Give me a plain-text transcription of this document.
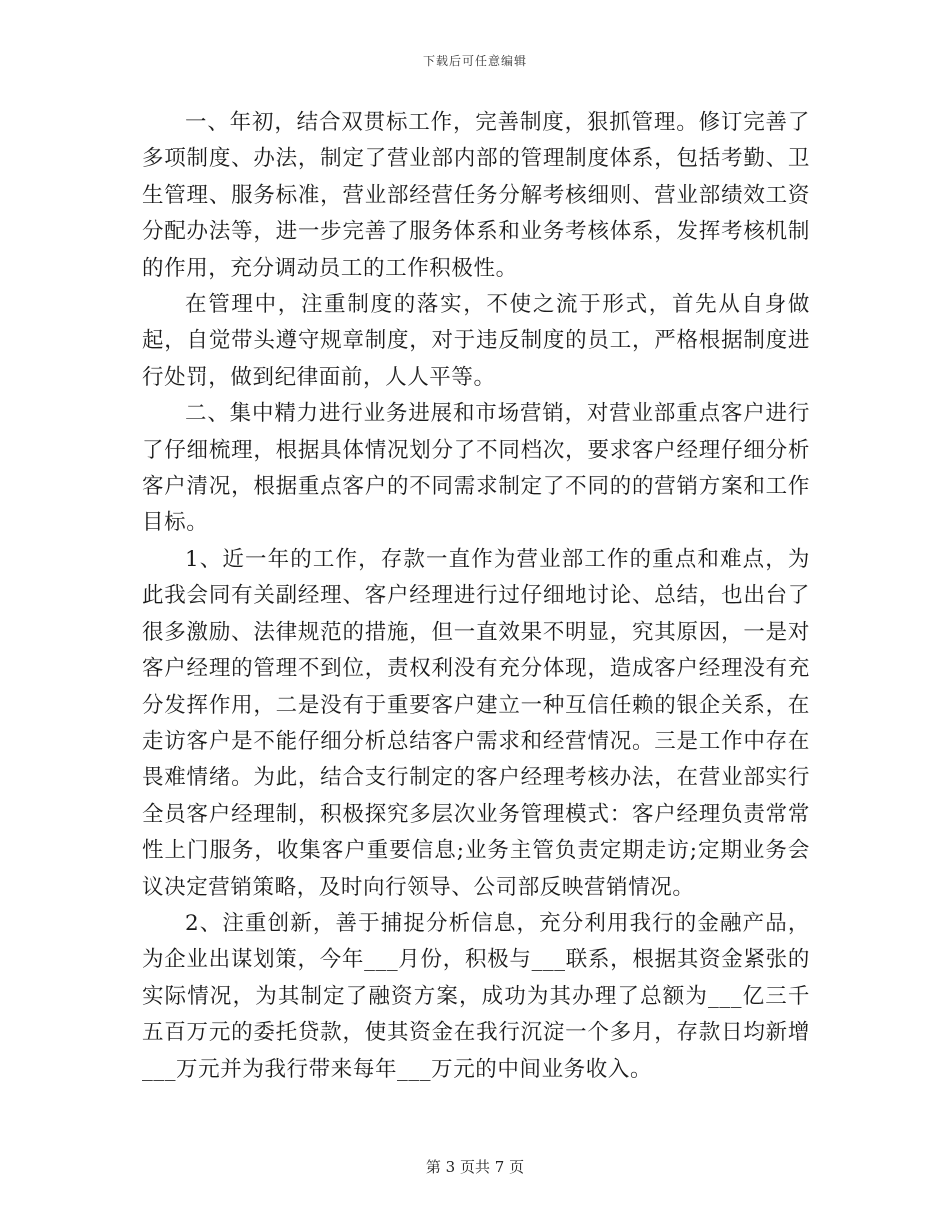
下载后可任意编辑

一、年初，结合双贯标工作，完善制度，狠抓管理。修订完善了多项制度、办法，制定了营业部内部的管理制度体系，包括考勤、卫生管理、服务标准，营业部经营任务分解考核细则、营业部绩效工资分配办法等，进一步完善了服务体系和业务考核体系，发挥考核机制的作用，充分调动员工的工作积极性。

在管理中，注重制度的落实，不使之流于形式，首先从自身做起，自觉带头遵守规章制度，对于违反制度的员工，严格根据制度进行处罚，做到纪律面前，人人平等。

二、集中精力进行业务进展和市场营销，对营业部重点客户进行了仔细梳理，根据具体情况划分了不同档次，要求客户经理仔细分析客户清况，根据重点客户的不同需求制定了不同的的营销方案和工作目标。

1、近一年的工作，存款一直作为营业部工作的重点和难点，为此我会同有关副经理、客户经理进行过仔细地讨论、总结，也出台了很多激励、法律规范的措施，但一直效果不明显，究其原因，一是对客户经理的管理不到位，责权利没有充分体现，造成客户经理没有充分发挥作用，二是没有于重要客户建立一种互信任赖的银企关系，在走访客户是不能仔细分析总结客户需求和经营情况。三是工作中存在畏难情绪。为此，结合支行制定的客户经理考核办法，在营业部实行全员客户经理制，积极探究多层次业务管理模式：客户经理负责常常性上门服务，收集客户重要信息;业务主管负责定期走访;定期业务会议决定营销策略，及时向行领导、公司部反映营销情况。

2、注重创新，善于捕捉分析信息，充分利用我行的金融产品，为企业出谋划策，今年___月份，积极与___联系，根据其资金紧张的实际情况，为其制定了融资方案，成功为其办理了总额为___亿三千五百万元的委托贷款，使其资金在我行沉淀一个多月，存款日均新增___万元并为我行带来每年___万元的中间业务收入。

第 3 页共 7 页
